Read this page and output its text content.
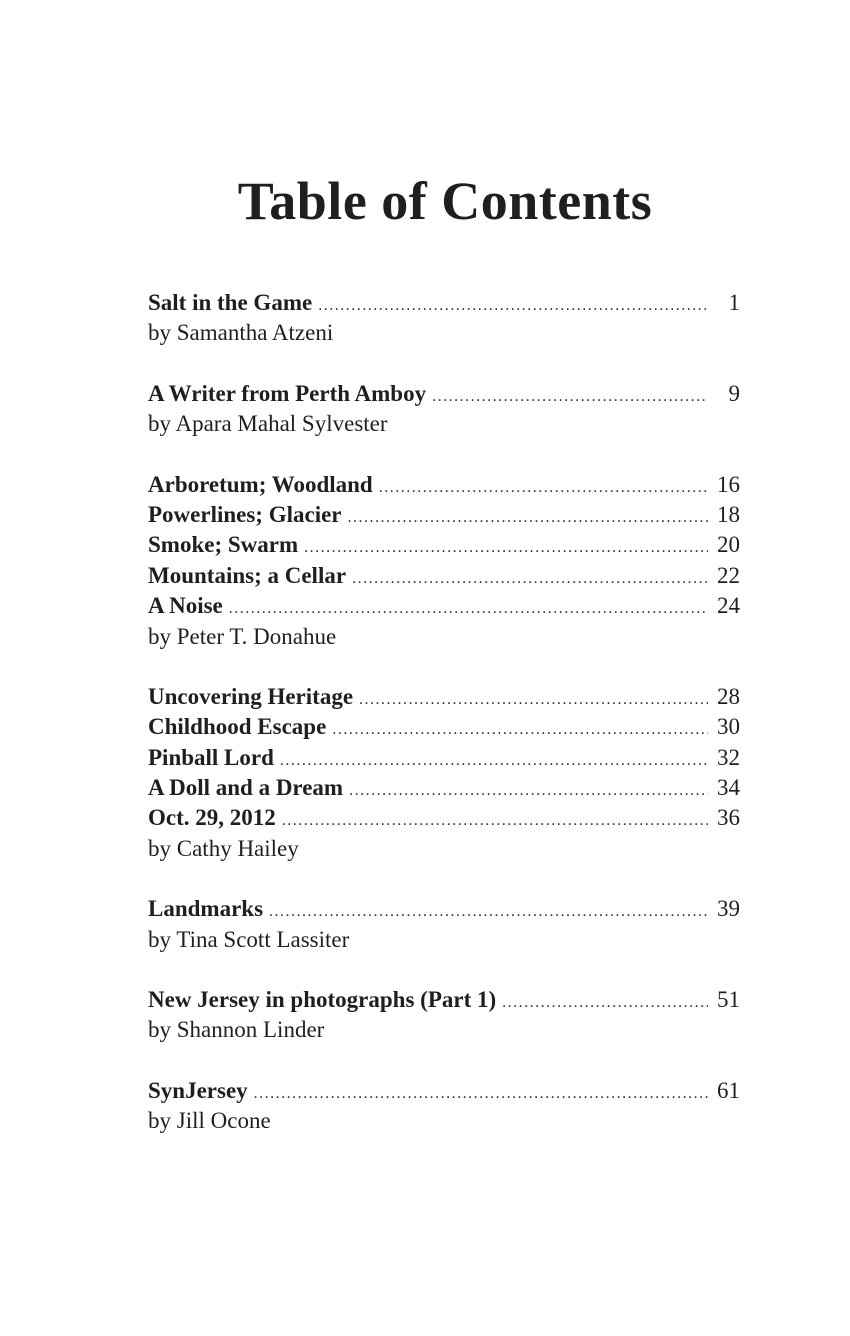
Table of Contents
Salt in the Game .....	1
by Samantha Atzeni
A Writer from Perth Amboy .....	9
by Apara Mahal Sylvester
Arboretum; Woodland .....	16
Powerlines; Glacier .....	18
Smoke; Swarm .....	20
Mountains; a Cellar .....	22
A Noise .....	24
by Peter T. Donahue
Uncovering Heritage .....	28
Childhood Escape .....	30
Pinball Lord .....	32
A Doll and a Dream .....	34
Oct. 29, 2012 .....	36
by Cathy Hailey
Landmarks .....	39
by Tina Scott Lassiter
New Jersey in photographs (Part 1) .....	51
by Shannon Linder
SynJersey .....	61
by Jill Ocone
